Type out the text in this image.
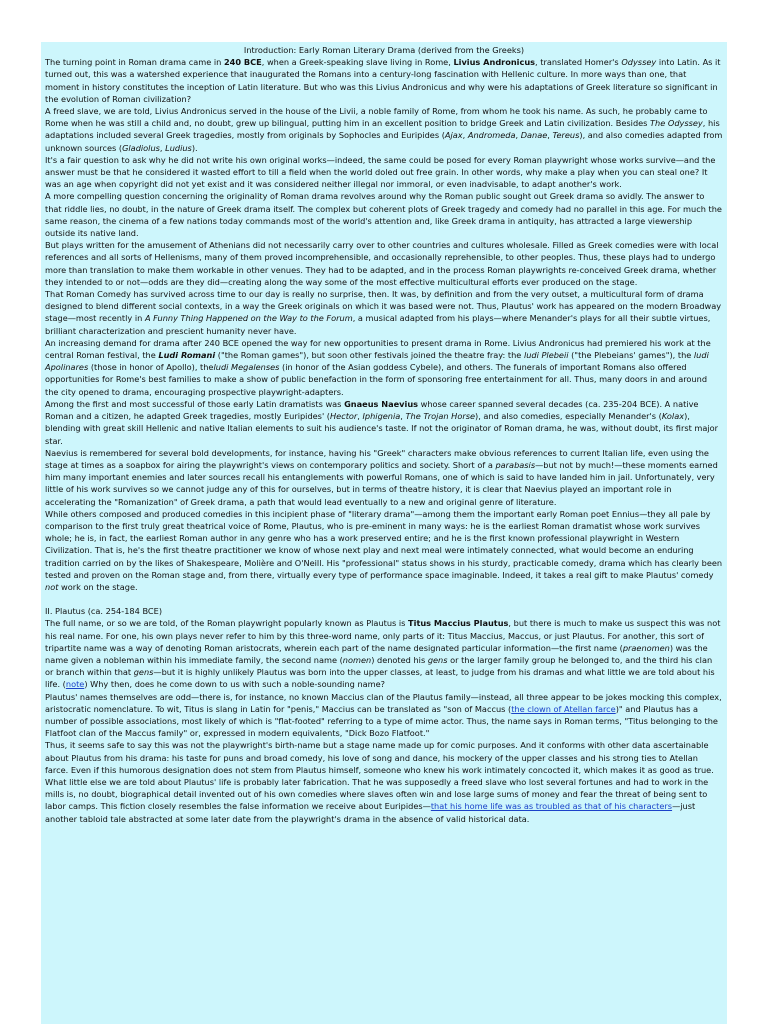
Introduction: Early Roman Literary Drama (derived from the Greeks)

The turning point in Roman drama came in 240 BCE, when a Greek-speaking slave living in Rome, Livius Andronicus, translated Homer's Odyssey into Latin. As it turned out, this was a watershed experience that inaugurated the Romans into a century-long fascination with Hellenic culture. In more ways than one, that moment in history constitutes the inception of Latin literature. But who was this Livius Andronicus and why were his adaptations of Greek literature so significant in the evolution of Roman civilization?

A freed slave, we are told, Livius Andronicus served in the house of the Livii, a noble family of Rome, from whom he took his name. As such, he probably came to Rome when he was still a child and, no doubt, grew up bilingual, putting him in an excellent position to bridge Greek and Latin civilization. Besides The Odyssey, his adaptations included several Greek tragedies, mostly from originals by Sophocles and Euripides (Ajax, Andromeda, Danae, Tereus), and also comedies adapted from unknown sources (Gladiolus, Ludius).

It's a fair question to ask why he did not write his own original works—indeed, the same could be posed for every Roman playwright whose works survive—and the answer must be that he considered it wasted effort to till a field when the world doled out free grain. In other words, why make a play when you can steal one? It was an age when copyright did not yet exist and it was considered neither illegal nor immoral, or even inadvisable, to adapt another's work.

A more compelling question concerning the originality of Roman drama revolves around why the Roman public sought out Greek drama so avidly. The answer to that riddle lies, no doubt, in the nature of Greek drama itself. The complex but coherent plots of Greek tragedy and comedy had no parallel in this age. For much the same reason, the cinema of a few nations today commands most of the world's attention and, like Greek drama in antiquity, has attracted a large viewership outside its native land.

But plays written for the amusement of Athenians did not necessarily carry over to other countries and cultures wholesale. Filled as Greek comedies were with local references and all sorts of Hellenisms, many of them proved incomprehensible, and occasionally reprehensible, to other peoples. Thus, these plays had to undergo more than translation to make them workable in other venues. They had to be adapted, and in the process Roman playwrights re-conceived Greek drama, whether they intended to or not—odds are they did—creating along the way some of the most effective multicultural efforts ever produced on the stage.

That Roman Comedy has survived across time to our day is really no surprise, then. It was, by definition and from the very outset, a multicultural form of drama designed to blend different social contexts, in a way the Greek originals on which it was based were not. Thus, Plautus' work has appeared on the modern Broadway stage—most recently in A Funny Thing Happened on the Way to the Forum, a musical adapted from his plays—where Menander's plays for all their subtle virtues, brilliant characterization and prescient humanity never have.

An increasing demand for drama after 240 BCE opened the way for new opportunities to present drama in Rome. Livius Andronicus had premiered his work at the central Roman festival, the Ludi Romani ("the Roman games"), but soon other festivals joined the theatre fray: the ludi Plebeii ("the Plebeians' games"), the ludi Apolinares (those in honor of Apollo), theludi Megalenses (in honor of the Asian goddess Cybele), and others. The funerals of important Romans also offered opportunities for Rome's best families to make a show of public benefaction in the form of sponsoring free entertainment for all. Thus, many doors in and around the city opened to drama, encouraging prospective playwright-adapters.

Among the first and most successful of those early Latin dramatists was Gnaeus Naevius whose career spanned several decades (ca. 235-204 BCE). A native Roman and a citizen, he adapted Greek tragedies, mostly Euripides' (Hector, Iphigenia, The Trojan Horse), and also comedies, especially Menander's (Kolax), blending with great skill Hellenic and native Italian elements to suit his audience's taste. If not the originator of Roman drama, he was, without doubt, its first major star.

Naevius is remembered for several bold developments, for instance, having his "Greek" characters make obvious references to current Italian life, even using the stage at times as a soapbox for airing the playwright's views on contemporary politics and society. Short of a parabasis—but not by much!—these moments earned him many important enemies and later sources recall his entanglements with powerful Romans, one of which is said to have landed him in jail. Unfortunately, very little of his work survives so we cannot judge any of this for ourselves, but in terms of theatre history, it is clear that Naevius played an important role in accelerating the "Romanization" of Greek drama, a path that would lead eventually to a new and original genre of literature.

While others composed and produced comedies in this incipient phase of "literary drama"—among them the important early Roman poet Ennius—they all pale by comparison to the first truly great theatrical voice of Rome, Plautus, who is pre-eminent in many ways: he is the earliest Roman dramatist whose work survives whole; he is, in fact, the earliest Roman author in any genre who has a work preserved entire; and he is the first known professional playwright in Western Civilization. That is, he's the first theatre practitioner we know of whose next play and next meal were intimately connected, what would become an enduring tradition carried on by the likes of Shakespeare, Molière and O'Neill. His "professional" status shows in his sturdy, practicable comedy, drama which has clearly been tested and proven on the Roman stage and, from there, virtually every type of performance space imaginable. Indeed, it takes a real gift to make Plautus' comedy not work on the stage.

II. Plautus (ca. 254-184 BCE)

The full name, or so we are told, of the Roman playwright popularly known as Plautus is Titus Maccius Plautus, but there is much to make us suspect this was not his real name. For one, his own plays never refer to him by this three-word name, only parts of it: Titus Maccius, Maccus, or just Plautus. For another, this sort of tripartite name was a way of denoting Roman aristocrats, wherein each part of the name designated particular information—the first name (praenomen) was the name given a nobleman within his immediate family, the second name (nomen) denoted his gens or the larger family group he belonged to, and the third his clan or branch within that gens—but it is highly unlikely Plautus was born into the upper classes, at least, to judge from his dramas and what little we are told about his life. (note) Why then, does he come down to us with such a noble-sounding name?

Plautus' names themselves are odd—there is, for instance, no known Maccius clan of the Plautus family—instead, all three appear to be jokes mocking this complex, aristocratic nomenclature. To wit, Titus is slang in Latin for "penis," Maccius can be translated as "son of Maccus (the clown of Atellan farce)" and Plautus has a number of possible associations, most likely of which is "flat-footed" referring to a type of mime actor. Thus, the name says in Roman terms, "Titus belonging to the Flatfoot clan of the Maccus family" or, expressed in modern equivalents, "Dick Bozo Flatfoot."

Thus, it seems safe to say this was not the playwright's birth-name but a stage name made up for comic purposes. And it conforms with other data ascertainable about Plautus from his drama: his taste for puns and broad comedy, his love of song and dance, his mockery of the upper classes and his strong ties to Atellan farce. Even if this humorous designation does not stem from Plautus himself, someone who knew his work intimately concocted it, which makes it as good as true.

What little else we are told about Plautus' life is probably later fabrication. That he was supposedly a freed slave who lost several fortunes and had to work in the mills is, no doubt, biographical detail invented out of his own comedies where slaves often win and lose large sums of money and fear the threat of being sent to labor camps. This fiction closely resembles the false information we receive about Euripides—that his home life was as troubled as that of his characters—just another tabloid tale abstracted at some later date from the playwright's drama in the absence of valid historical data.
